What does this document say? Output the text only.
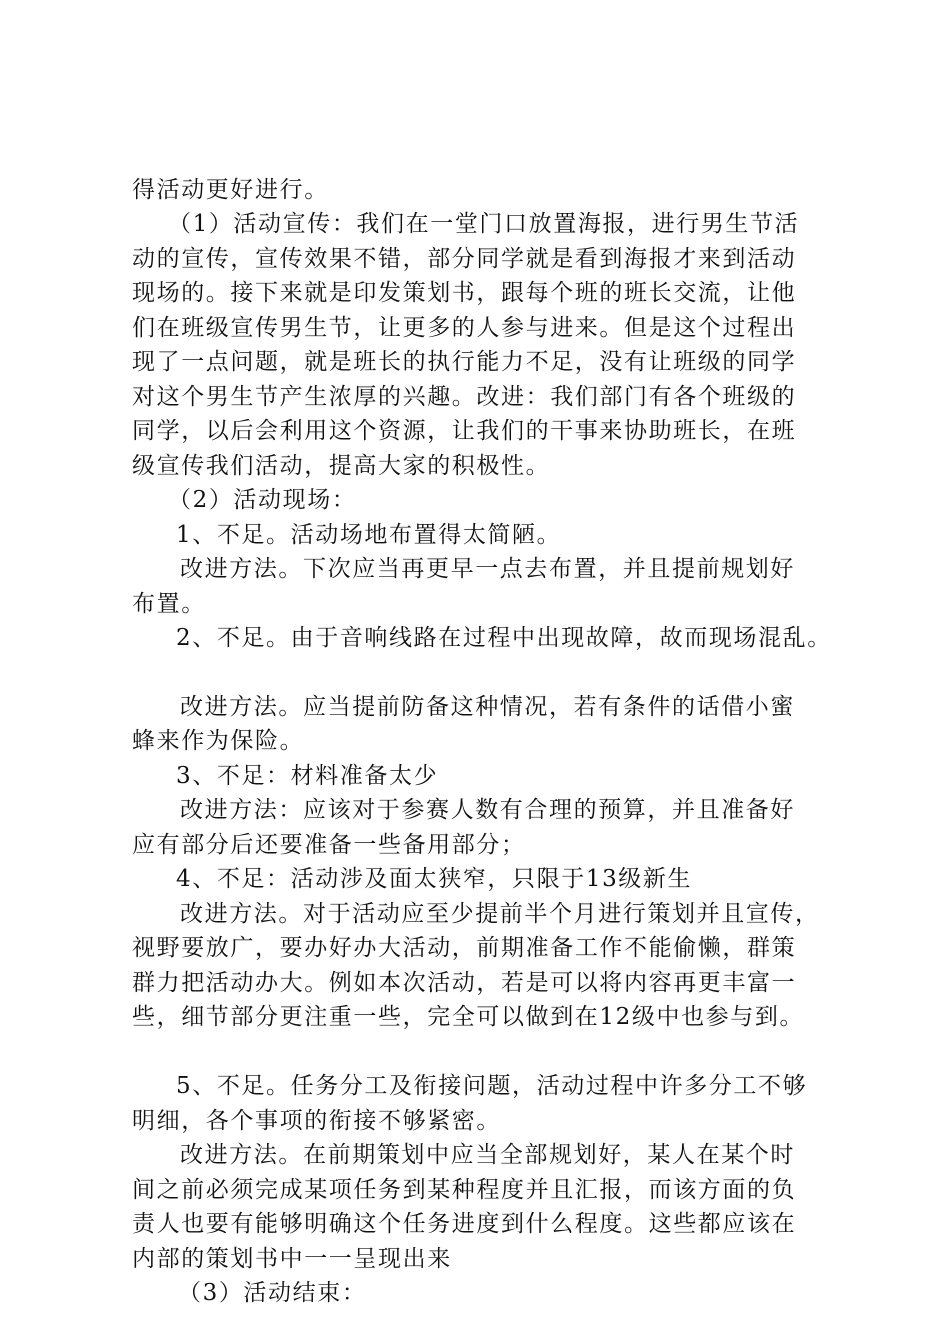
得活动更好进行。
（1）活动宣传：我们在一堂门口放置海报，进行男生节活
动的宣传，宣传效果不错，部分同学就是看到海报才来到活动
现场的。接下来就是印发策划书，跟每个班的班长交流，让他
们在班级宣传男生节，让更多的人参与进来。但是这个过程出
现了一点问题，就是班长的执行能力不足，没有让班级的同学
对这个男生节产生浓厚的兴趣。改进：我们部门有各个班级的
同学，以后会利用这个资源，让我们的干事来协助班长，在班
级宣传我们活动，提高大家的积极性。
（2）活动现场：
1、不足。活动场地布置得太简陋。
改进方法。下次应当再更早一点去布置，并且提前规划好
布置。
2、不足。由于音响线路在过程中出现故障，故而现场混乱。
改进方法。应当提前防备这种情况，若有条件的话借小蜜
蜂来作为保险。
3、不足：材料准备太少
改进方法：应该对于参赛人数有合理的预算，并且准备好
应有部分后还要准备一些备用部分；
4、不足：活动涉及面太狭窄，只限于13级新生
改进方法。对于活动应至少提前半个月进行策划并且宣传，
视野要放广，要办好办大活动，前期准备工作不能偷懒，群策
群力把活动办大。例如本次活动，若是可以将内容再更丰富一
些，细节部分更注重一些，完全可以做到在12级中也参与到。
5、不足。任务分工及衔接问题，活动过程中许多分工不够
明细，各个事项的衔接不够紧密。
改进方法。在前期策划中应当全部规划好，某人在某个时
间之前必须完成某项任务到某种程度并且汇报，而该方面的负
责人也要有能够明确这个任务进度到什么程度。这些都应该在
内部的策划书中一一呈现出来
（3）活动结束：
